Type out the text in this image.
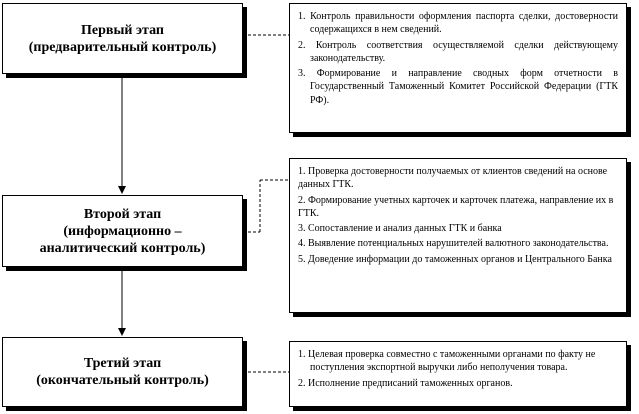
Первый этап
(предварительный контроль)
Второй этап
(информационно –
аналитический контроль)
Третий этап
(окончательный контроль)
1. Контроль правильности оформления паспорта сделки, достоверности содержащихся в нем сведений.
2. Контроль соответствия осуществляемой сделки действующему законодательству.
3. Формирование и направление сводных форм отчетности в Государственный Таможенный Комитет Российской Федерации (ГТК РФ).
1. Проверка достоверности получаемых от клиентов сведений на основе данных ГТК.
2. Формирование учетных карточек и карточек платежа, направление их в ГТК.
3. Сопоставление и анализ данных ГТК и банка
4. Выявление потенциальных нарушителей валютного законодательства.
5. Доведение информации до таможенных органов и Центрального Банка
1. Целевая проверка совместно с таможенными органами по факту не поступления экспортной выручки либо неполучения товара.
2. Исполнение предписаний таможенных органов.
